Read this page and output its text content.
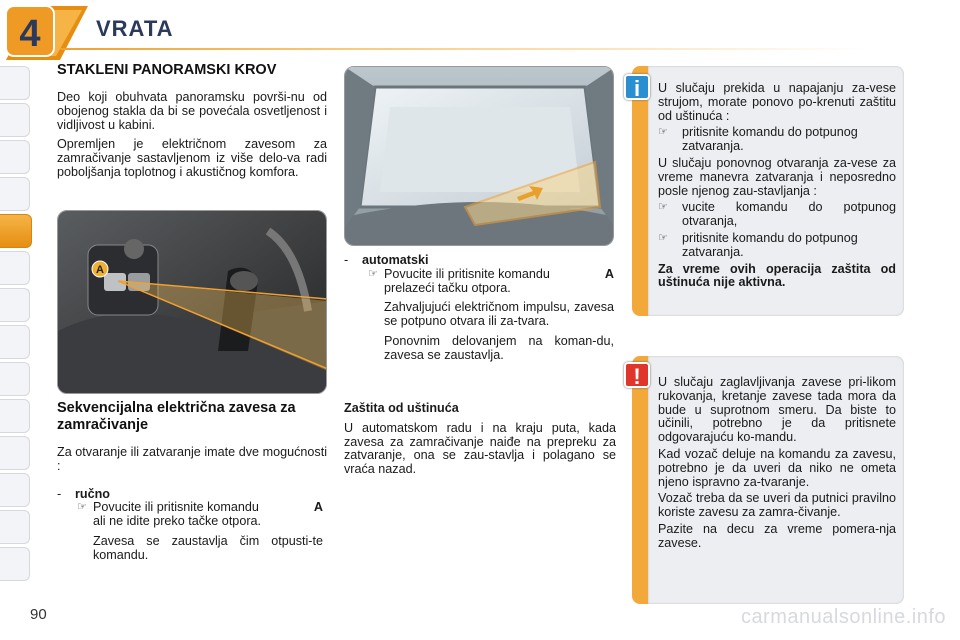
4	VRATA
STAKLENI PANORAMSKI KROV

Deo koji obuhvata panoramsku površi-nu od obojenog stakla da bi se povećala osvetljenost i vidljivost u kabini.

Opremljen je električnom zavesom za zamračivanje sastavljenom iz više delo-va radi poboljšanja toplotnog i akustičnog komfora.

A
Sekvencijalna električna zavesa za zamračivanje

Za otvaranje ili zatvaranje imate dve mogućnosti :

-	ručno
☞ Povucite ili pritisnite komandu	A

ali ne idite preko tačke otpora.

Zavesa se zaustavlja čim otpusti-te komandu.

-	automatski
☞ Povucite ili pritisnite komandu	A

prelazeći tačku otpora.

Zahvaljujući električnom impulsu, zavesa se potpuno otvara ili za-tvara.

Ponovnim delovanjem na koman-du, zavesa se zaustavlja.

Zaštita od uštinuća

U automatskom radu i na kraju puta, kada zavesa za zamračivanje naiđe na prepreku za zatvaranje, ona se zau-stavlja i polagano se vraća nazad.

i	U slučaju prekida u napajanju za-vese strujom, morate ponovo po-krenuti zaštitu od uštinuća :

☞	pritisnite komandu do potpunog zatvaranja.

U slučaju ponovnog otvaranja za-vese za vreme manevra zatvaranja i neposredno posle njenog zau-stavljanja :

☞	vucite komandu do potpunog otvaranja,

☞	pritisnite komandu do potpunog zatvaranja.

Za vreme ovih operacija zaštita od uštinuća nije aktivna.

!	U slučaju zaglavljivanja zavese pri-likom rukovanja, kretanje zavese tada mora da bude u suprotnom smeru. Da biste to učinili, potrebno je da pritisnete odgovarajuću ko-mandu.

Kad vozač deluje na komandu za zavesu, potrebno je da uveri da niko ne ometa njeno ispravno za-tvaranje.

Vozač treba da se uveri da putnici pravilno koriste zavesu za zamra-čivanje.

Pazite na decu za vreme pomera-nja zavese.

90	carmanualsonline.info
